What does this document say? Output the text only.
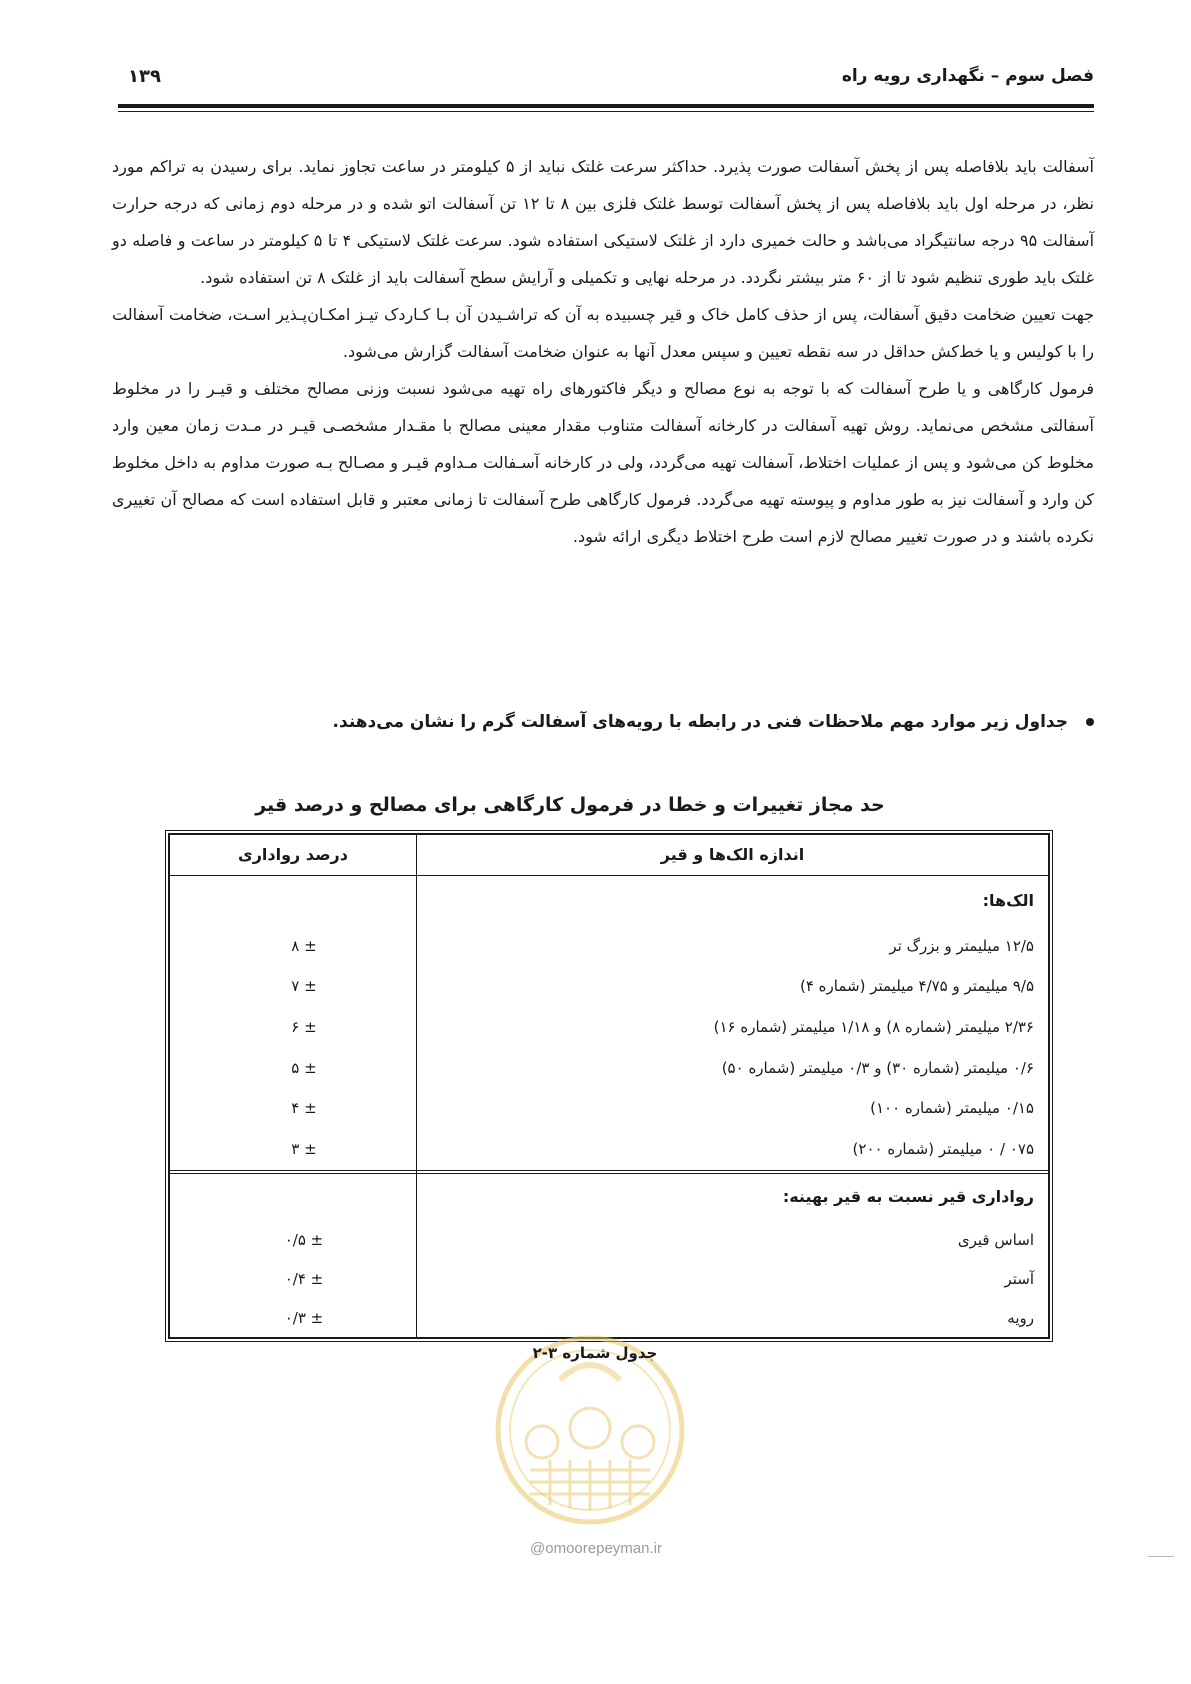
فصل سوم – نگهداری رویه راه
۱۳۹

آسفالت باید بلافاصله پس از پخش آسفالت صورت پذیرد. حداکثر سرعت غلتک نباید از ۵ کیلومتر در ساعت تجاوز نماید. برای رسیدن به تراکم مورد نظر، در مرحله اول باید بلافاصله پس از پخش آسفالت توسط غلتک فلزی بین ۸ تا ۱۲ تن آسفالت اتو شده و در مرحله دوم زمانی که درجه حرارت آسفالت ۹۵ درجه سانتیگراد می‌باشد و حالت خمیری دارد از غلتک لاستیکی استفاده شود. سرعت غلتک لاستیکی ۴ تا ۵ کیلومتر در ساعت و فاصله دو غلتک باید طوری تنظیم شود تا از ۶۰ متر بیشتر نگردد. در مرحله نهایی و تکمیلی و آرایش سطح آسفالت باید از غلتک ۸ تن استفاده شود.

جهت تعیین ضخامت دقیق آسفالت، پس از حذف کامل خاک و قیر چسبیده به آن که تراشـیدن آن بـا کـاردک تیـز امکـان‌پـذیر اسـت، ضخامت آسفالت را با کولیس و یا خط‌کش حداقل در سه نقطه تعیین و سپس معدل آنها به عنوان ضخامت آسفالت گزارش می‌شود.

فرمول کارگاهی و یا طرح آسفالت که با توجه به نوع مصالح و دیگر فاکتورهای راه تهیه می‌شود نسبت وزنی مصالح مختلف و قیـر را در مخلوط آسفالتی مشخص می‌نماید. روش تهیه آسفالت در کارخانه آسفالت متناوب مقدار معینی مصالح با مقـدار مشخصـی قیـر در مـدت زمان معین وارد مخلوط کن می‌شود و پس از عملیات اختلاط، آسفالت تهیه می‌گردد، ولی در کارخانه آسـفالت مـداوم قیـر و مصـالح بـه صورت مداوم به داخل مخلوط کن وارد و آسفالت نیز به طور مداوم و پیوسته تهیه می‌گردد. فرمول کارگاهی طرح آسفالت تا زمانی معتبر و قابل استفاده است که مصالح آن تغییری نکرده باشند و در صورت تغییر مصالح لازم است طرح اختلاط دیگری ارائه شود.

جداول زیر موارد مهم ملاحظات فنی در رابطه با رویه‌های آسفالت گرم را نشان می‌دهند.
حد مجاز تغییرات و خطا در فرمول کارگاهی برای مصالح و درصد قیر
اندازه الک‌ها و قیر
درصد رواداری
الک‌ها:
۱۲/۵ میلیمتر و بزرگ تر
± ۸
۹/۵ میلیمتر و ۴/۷۵ میلیمتر (شماره ۴)
± ۷
۲/۳۶ میلیمتر (شماره ۸) و ۱/۱۸ میلیمتر (شماره ۱۶)
± ۶
۰/۶ میلیمتر (شماره ۳۰) و ۰/۳ میلیمتر (شماره ۵۰)
± ۵
۰/۱۵ میلیمتر (شماره ۱۰۰)
± ۴
۰۷۵ / ۰ میلیمتر (شماره ۲۰۰)
± ۳
رواداری قیر نسبت به قیر بهینه:
اساس قیری
± ۰/۵
آستر
± ۰/۴
رویه
± ۰/۳
جدول شماره ۳-۲
@omoorepeyman.ir
